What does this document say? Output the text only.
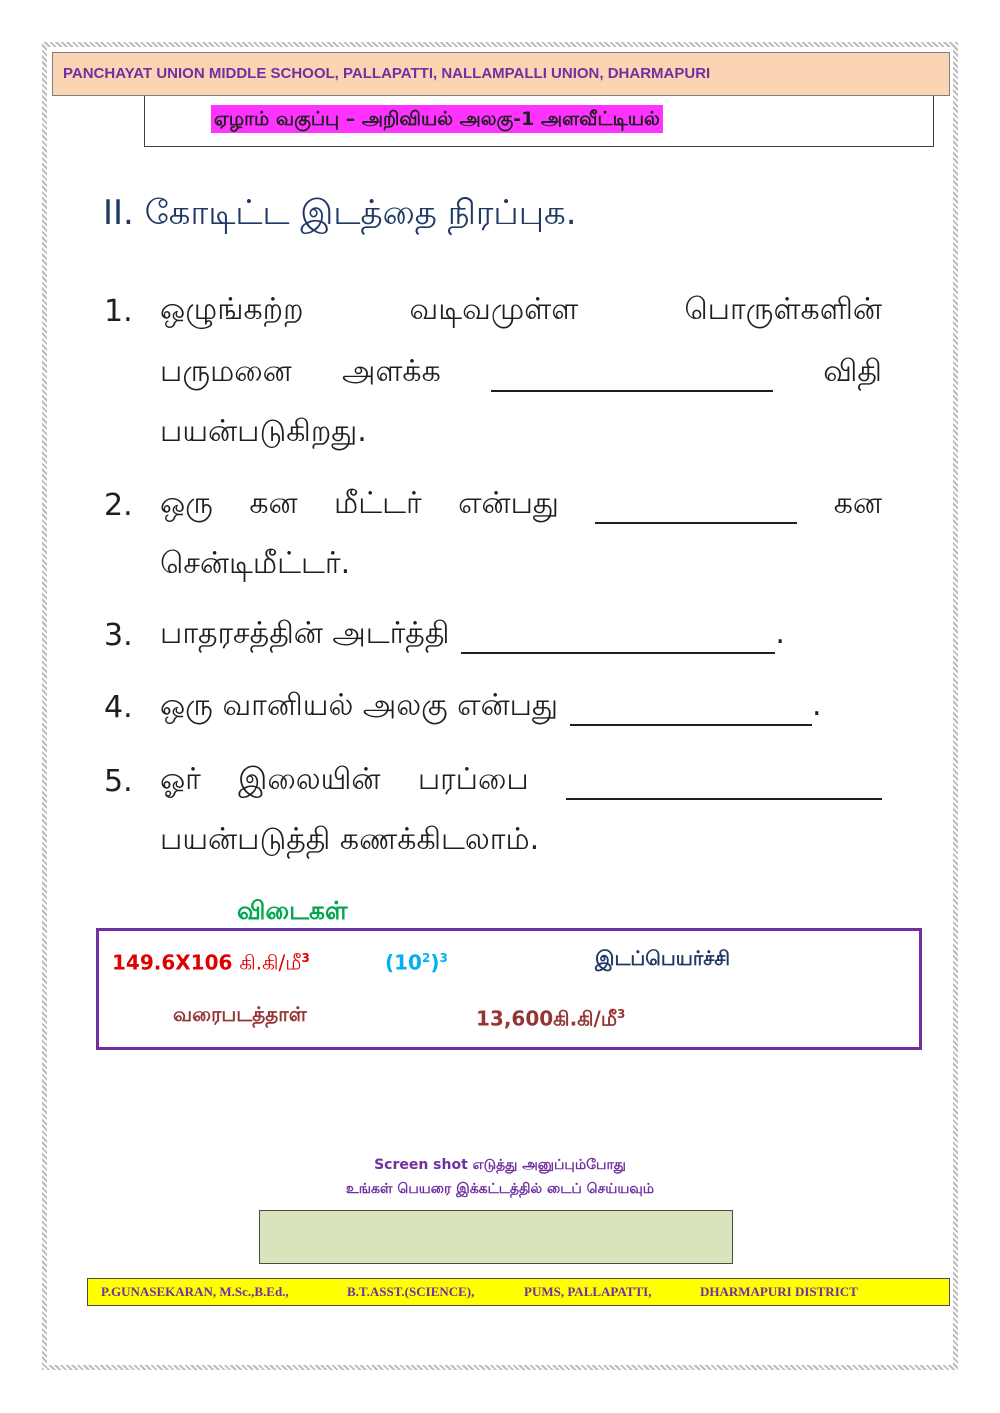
PANCHAYAT UNION MIDDLE SCHOOL, PALLAPATTI, NALLAMPALLI UNION, DHARMAPURI
ஏழாம் வகுப்பு – அறிவியல் அலகு-1 அளவீட்டியல்
II. கோடிட்ட இடத்தை நிரப்புக.
1. ஒழுங்கற்ற	வடிவமுள்ள	பொருள்களின்
பருமனை அளக்க	விதி
பயன்படுகிறது.
2. ஒரு கன மீட்டர் என்பது	கன
சென்டிமீட்டர்.
3. பாதரசத்தின் அடர்த்தி	.
4. ஒரு வானியல் அலகு என்பது	.
5. ஓர் இலையின் பரப்பை
பயன்படுத்தி கணக்கிடலாம்.
விடைகள்
149.6X106 கி.கி/மீ$^3$	$(10^2)^3$	இடப்பெயர்ச்சி
வரைபடத்தாள்	13,600கி.கி/மீ$^3$
Screen shot எடுத்து அனுப்பும்போது
உங்கள் பெயரை இக்கட்டத்தில் டைப் செய்யவும்
P.GUNASEKARAN, M.Sc.,B.Ed.,	B.T.ASST.(SCIENCE),	PUMS, PALLAPATTI,	DHARMAPURI DISTRICT
